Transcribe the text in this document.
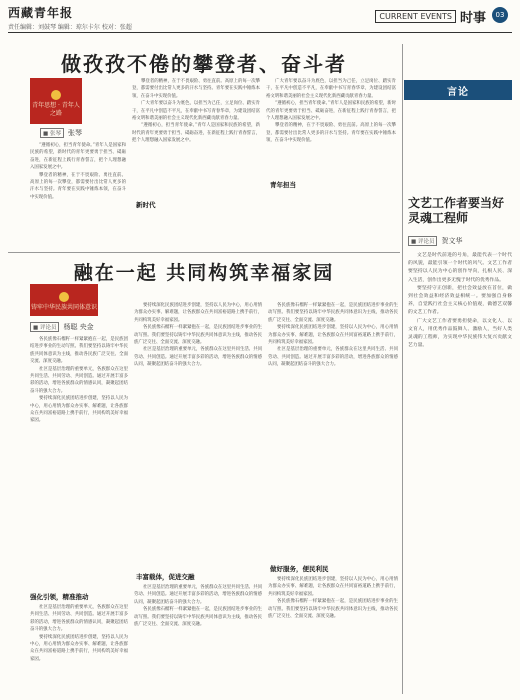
西藏青年报
责任编辑：刘鼓琴 编辑：琼尔卡尔 校对：张超
CURRENT EVENTS 时事	03
做孜孜不倦的攀登者、奋斗者
青年思想 · 青年人之路
■ 张琴	张琴

“遵循初心，担当青年使命。”青年人是国家和民族的希望，新时代的青年更要勇于担当、砥砺奋进，在新征程上践行青春誓言，把个人理想融入国家发展之中。

攀登者的精神，在于不畏艰险、勇往直前。高原上的每一次攀登，都需要付出比常人更多的汗水与坚持。青年要在实践中锤炼本领，在奋斗中实现价值。

攀登者的精神，在于不畏艰险、勇往直前。高原上的每一次攀登，都需要付出比常人更多的汗水与坚持。青年要在实践中锤炼本领，在奋斗中实现价值。

广大青年要以奋斗为底色，以担当为己任，立足岗位、踏实肯干，在平凡中创造不平凡，在奉献中书写青春华章，为建设团结富裕文明和谐美丽的社会主义现代化新西藏贡献青春力量。

“遵循初心，担当青年使命。”青年人是国家和民族的希望，新时代的青年更要勇于担当、砥砺奋进，在新征程上践行青春誓言，把个人理想融入国家发展之中。

新时代

广大青年要以奋斗为底色，以担当为己任，立足岗位、踏实肯干，在平凡中创造不平凡，在奉献中书写青春华章，为建设团结富裕文明和谐美丽的社会主义现代化新西藏贡献青春力量。

“遵循初心，担当青年使命。”青年人是国家和民族的希望，新时代的青年更要勇于担当、砥砺奋进，在新征程上践行青春誓言，把个人理想融入国家发展之中。

攀登者的精神，在于不畏艰险、勇往直前。高原上的每一次攀登，都需要付出比常人更多的汗水与坚持。青年要在实践中锤炼本领，在奋斗中实现价值。

青年担当
融在一起 共同构筑幸福家园
铸牢中华民族共同体意识
■ 评论员	杨聪 央金

各民族像石榴籽一样紧紧抱在一起，是民族团结进步事业的生动写照。我们要坚持以铸牢中华民族共同体意识为主线，推动各民族广泛交往、全面交流、深度交融。

社区是基层治理的重要单元，各族群众在这里共同生活、共同劳动、共同创造。通过开展丰富多彩的活动，增进各族群众的情感认同，凝聚起团结奋斗的强大合力。

要持续深化民族团结进步创建，坚持以人民为中心，用心用情为群众办实事、解难题，让各族群众在共同富裕道路上携手前行，共同构筑美好幸福家园。

强化引领，精准推动

社区是基层治理的重要单元，各族群众在这里共同生活、共同劳动、共同创造。通过开展丰富多彩的活动，增进各族群众的情感认同，凝聚起团结奋斗的强大合力。

要持续深化民族团结进步创建，坚持以人民为中心，用心用情为群众办实事、解难题，让各族群众在共同富裕道路上携手前行，共同构筑美好幸福家园。

要持续深化民族团结进步创建，坚持以人民为中心，用心用情为群众办实事、解难题，让各族群众在共同富裕道路上携手前行，共同构筑美好幸福家园。

各民族像石榴籽一样紧紧抱在一起，是民族团结进步事业的生动写照。我们要坚持以铸牢中华民族共同体意识为主线，推动各民族广泛交往、全面交流、深度交融。

社区是基层治理的重要单元，各族群众在这里共同生活、共同劳动、共同创造。通过开展丰富多彩的活动，增进各族群众的情感认同，凝聚起团结奋斗的强大合力。

丰富载体，促进交融

社区是基层治理的重要单元，各族群众在这里共同生活、共同劳动、共同创造。通过开展丰富多彩的活动，增进各族群众的情感认同，凝聚起团结奋斗的强大合力。

各民族像石榴籽一样紧紧抱在一起，是民族团结进步事业的生动写照。我们要坚持以铸牢中华民族共同体意识为主线，推动各民族广泛交往、全面交流、深度交融。

各民族像石榴籽一样紧紧抱在一起，是民族团结进步事业的生动写照。我们要坚持以铸牢中华民族共同体意识为主线，推动各民族广泛交往、全面交流、深度交融。

要持续深化民族团结进步创建，坚持以人民为中心，用心用情为群众办实事、解难题，让各族群众在共同富裕道路上携手前行，共同构筑美好幸福家园。

社区是基层治理的重要单元，各族群众在这里共同生活、共同劳动、共同创造。通过开展丰富多彩的活动，增进各族群众的情感认同，凝聚起团结奋斗的强大合力。

做好服务，便民利民

要持续深化民族团结进步创建，坚持以人民为中心，用心用情为群众办实事、解难题，让各族群众在共同富裕道路上携手前行，共同构筑美好幸福家园。

各民族像石榴籽一样紧紧抱在一起，是民族团结进步事业的生动写照。我们要坚持以铸牢中华民族共同体意识为主线，推动各民族广泛交往、全面交流、深度交融。

言论
文艺工作者要当好灵魂工程师
■ 评论员	贺文华

文艺是时代前进的号角，最能代表一个时代的风貌，最能引领一个时代的风气。文艺工作者要坚持以人民为中心的创作导向，扎根人民、深入生活，创作出更多无愧于时代的优秀作品。

要坚持守正创新，把社会效益放在首位，做到社会效益和经济效益相统一。要加强自身修养，自觉践行社会主义核心价值观，做德艺双馨的文艺工作者。

广大文艺工作者要勇担使命，以文化人、以文育人，用优秀作品鼓舞人、激励人，当好人类灵魂的工程师，为实现中华民族伟大复兴贡献文艺力量。
